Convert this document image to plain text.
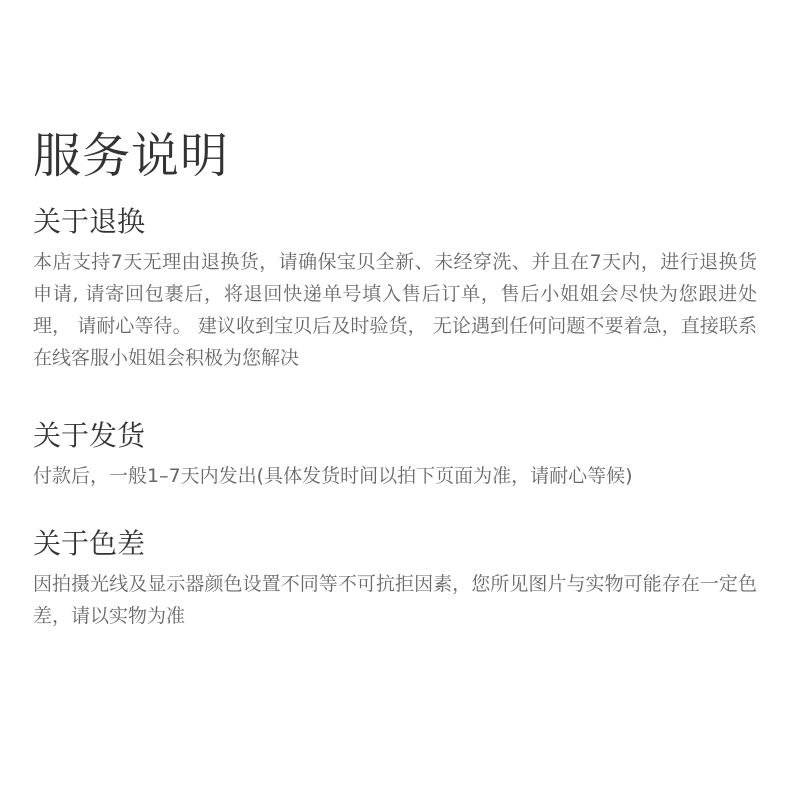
服务说明
关于退换

本店支持7天无理由退换货，请确保宝贝全新、未经穿洗、并且在7天内，进行退换货申请, 请寄回包裹后，将退回快递单号填入售后订单，售后小姐姐会尽快为您跟进处理， 请耐心等待。 建议收到宝贝后及时验货， 无论遇到任何问题不要着急，直接联系在线客服小姐姐会积极为您解决

关于发货

付款后，一般1–7天内发出(具体发货时间以拍下页面为准，请耐心等候)

关于色差

因拍摄光线及显示器颜色设置不同等不可抗拒因素，您所见图片与实物可能存在一定色差，请以实物为准
